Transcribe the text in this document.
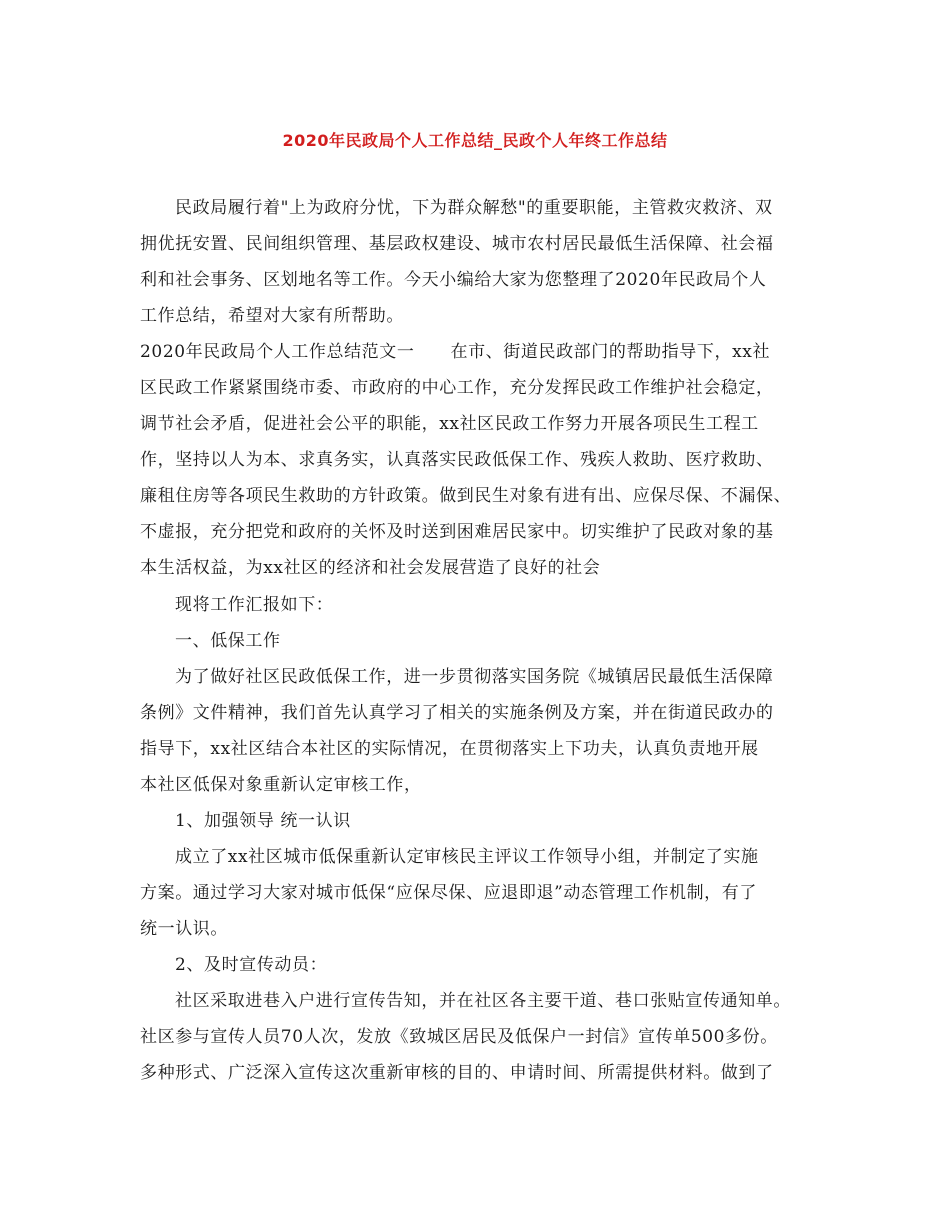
2020年民政局个人工作总结_民政个人年终工作总结
民政局履行着"上为政府分忧，下为群众解愁"的重要职能，主管救灾救济、双
拥优抚安置、民间组织管理、基层政权建设、城市农村居民最低生活保障、社会福
利和社会事务、区划地名等工作。今天小编给大家为您整理了2020年民政局个人
工作总结，希望对大家有所帮助。
2020年民政局个人工作总结范文一 在市、街道民政部门的帮助指导下，xx社
区民政工作紧紧围绕市委、市政府的中心工作，充分发挥民政工作维护社会稳定，
调节社会矛盾，促进社会公平的职能，xx社区民政工作努力开展各项民生工程工
作，坚持以人为本、求真务实，认真落实民政低保工作、残疾人救助、医疗救助、
廉租住房等各项民生救助的方针政策。做到民生对象有进有出、应保尽保、不漏保、
不虚报，充分把党和政府的关怀及时送到困难居民家中。切实维护了民政对象的基
本生活权益，为xx社区的经济和社会发展营造了良好的社会
现将工作汇报如下：
一、低保工作
为了做好社区民政低保工作，进一步贯彻落实国务院《城镇居民最低生活保障
条例》文件精神，我们首先认真学习了相关的实施条例及方案，并在街道民政办的
指导下，xx社区结合本社区的实际情况，在贯彻落实上下功夫，认真负责地开展
本社区低保对象重新认定审核工作，
1、加强领导 统一认识
成立了xx社区城市低保重新认定审核民主评议工作领导小组，并制定了实施
方案。通过学习大家对城市低保“应保尽保、应退即退”动态管理工作机制，有了
统一认识。
2、及时宣传动员：
社区采取进巷入户进行宣传告知，并在社区各主要干道、巷口张贴宣传通知单。
社区参与宣传人员70人次，发放《致城区居民及低保户一封信》宣传单500多份。
多种形式、广泛深入宣传这次重新审核的目的、申请时间、所需提供材料。做到了
